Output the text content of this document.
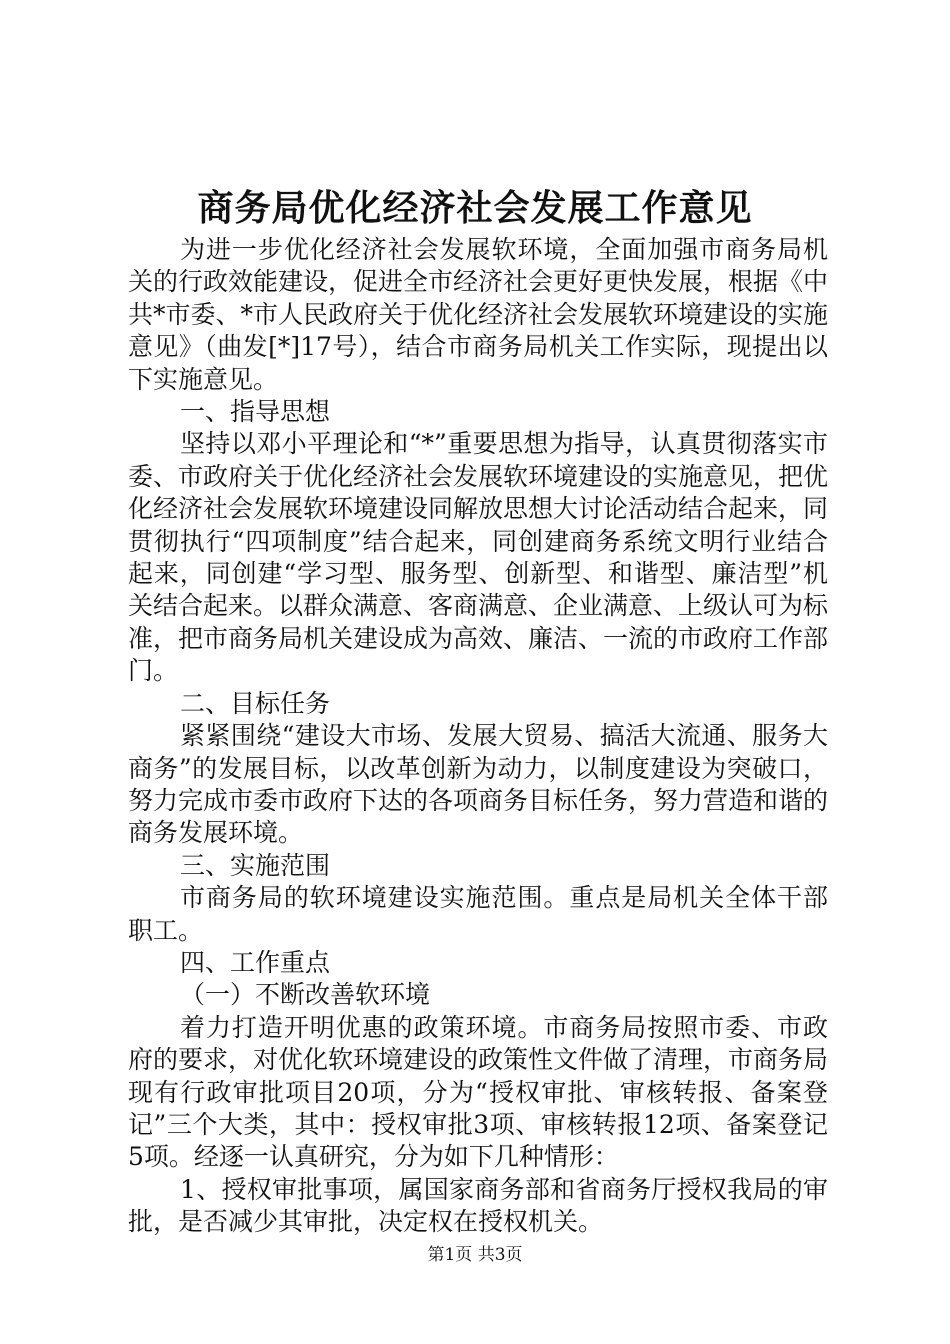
商务局优化经济社会发展工作意见

为进一步优化经济社会发展软环境，全面加强市商务局机关的行政效能建设，促进全市经济社会更好更快发展，根据《中共*市委、*市人民政府关于优化经济社会发展软环境建设的实施意见》（曲发[*]17号），结合市商务局机关工作实际，现提出以下实施意见。

一、指导思想

坚持以邓小平理论和“*”重要思想为指导，认真贯彻落实市委、市政府关于优化经济社会发展软环境建设的实施意见，把优化经济社会发展软环境建设同解放思想大讨论活动结合起来，同贯彻执行“四项制度”结合起来，同创建商务系统文明行业结合起来，同创建“学习型、服务型、创新型、和谐型、廉洁型”机关结合起来。以群众满意、客商满意、企业满意、上级认可为标准，把市商务局机关建设成为高效、廉洁、一流的市政府工作部门。

二、目标任务

紧紧围绕“建设大市场、发展大贸易、搞活大流通、服务大商务”的发展目标，以改革创新为动力，以制度建设为突破口，努力完成市委市政府下达的各项商务目标任务，努力营造和谐的商务发展环境。

三、实施范围

市商务局的软环境建设实施范围。重点是局机关全体干部职工。

四、工作重点

（一）不断改善软环境

着力打造开明优惠的政策环境。市商务局按照市委、市政府的要求，对优化软环境建设的政策性文件做了清理，市商务局现有行政审批项目20项，分为“授权审批、审核转报、备案登记”三个大类，其中：授权审批3项、审核转报12项、备案登记5项。经逐一认真研究，分为如下几种情形：

1、授权审批事项，属国家商务部和省商务厅授权我局的审批，是否减少其审批，决定权在授权机关。

第1页 共3页
